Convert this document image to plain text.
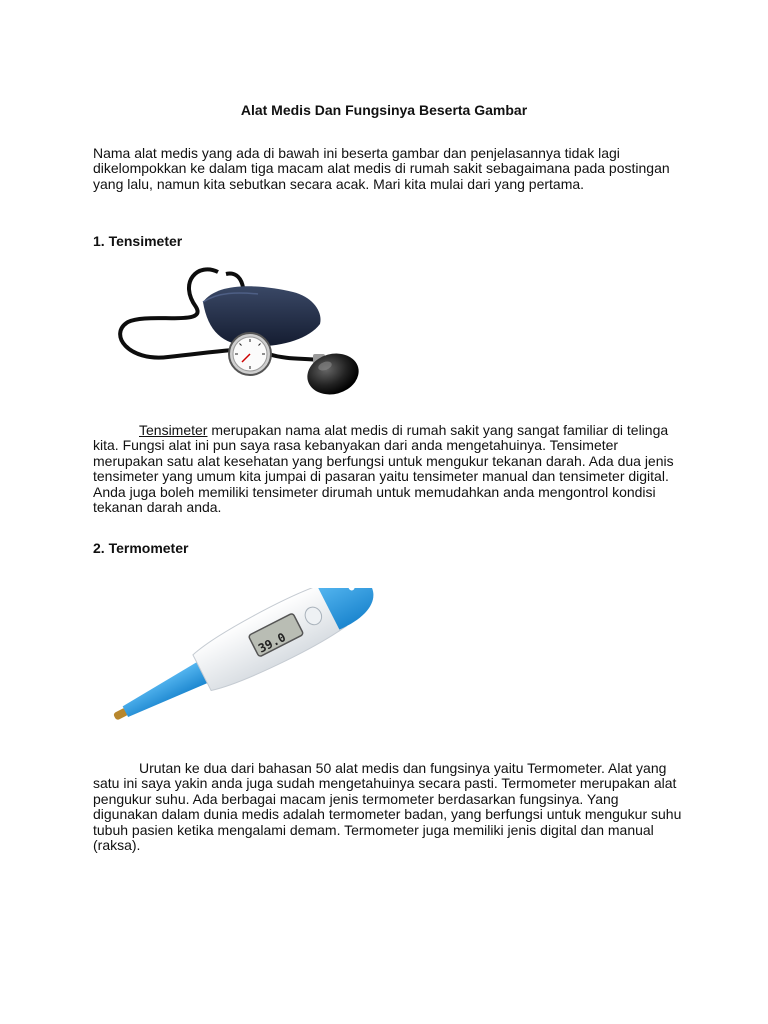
Alat Medis Dan Fungsinya Beserta Gambar

Nama alat medis yang ada di bawah ini beserta gambar dan penjelasannya tidak lagi dikelompokkan ke dalam tiga macam alat medis di rumah sakit sebagaimana pada postingan yang lalu, namun kita sebutkan secara acak. Mari kita mulai dari yang pertama.

1. Tensimeter

Tensimeter merupakan nama alat medis di rumah sakit yang sangat familiar di telinga kita. Fungsi alat ini pun saya rasa kebanyakan dari anda mengetahuinya. Tensimeter merupakan satu alat kesehatan yang berfungsi untuk mengukur tekanan darah. Ada dua jenis tensimeter yang umum kita jumpai di pasaran yaitu tensimeter manual dan tensimeter digital. Anda juga boleh memiliki tensimeter dirumah untuk memudahkan anda mengontrol kondisi tekanan darah anda.

2. Termometer
39.0

Urutan ke dua dari bahasan 50 alat medis dan fungsinya yaitu Termometer. Alat yang satu ini saya yakin anda juga sudah mengetahuinya secara pasti. Termometer merupakan alat pengukur suhu. Ada berbagai macam jenis termometer berdasarkan fungsinya. Yang digunakan dalam dunia medis adalah termometer badan, yang berfungsi untuk mengukur suhu tubuh pasien ketika mengalami demam. Termometer juga memiliki jenis digital dan manual (raksa).
